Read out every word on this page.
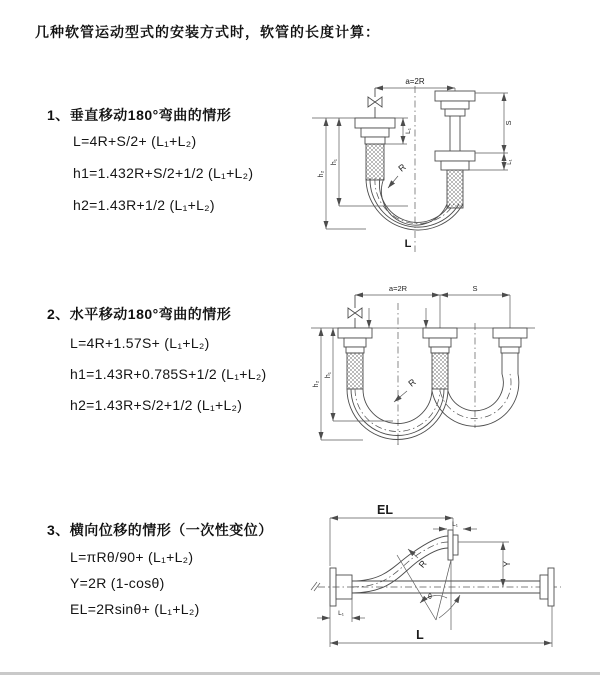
几种软管运动型式的安装方式时，软管的长度计算：
1、垂直移动180°弯曲的情形
L=4R+S/2+ (L₁+L₂)
h1=1.432R+S/2+1/2 (L₁+L₂)
h2=1.43R+1/2 (L₁+L₂)
2、水平移动180°弯曲的情形
L=4R+1.57S+ (L₁+L₂)
h1=1.43R+0.785S+1/2 (L₁+L₂)
h2=1.43R+S/2+1/2 (L₁+L₂)
3、横向位移的情形（一次性变位）
L=πRθ/90+ (L₁+L₂)
Y=2R (1-cosθ)
EL=2Rsinθ+ (L₁+L₂)
a=2R
L₁
S
L₁
h₁
h₂
R
L
a=2R	S
h₁
h₂	R
EL
L₁
Y
θ
R
L
L₁
